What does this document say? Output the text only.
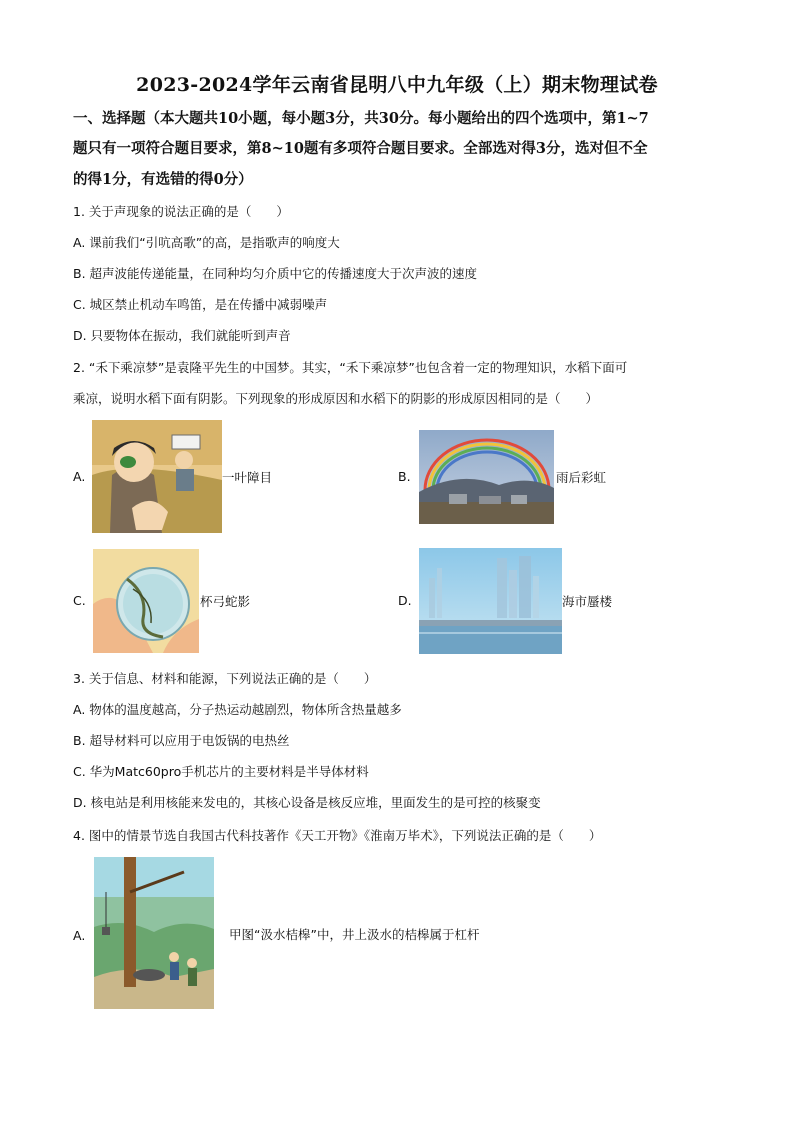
2023-2024学年云南省昆明八中九年级（上）期末物理试卷
一、选择题（本大题共10小题，每小题3分，共30分。每小题给出的四个选项中，第1~7
题只有一项符合题目要求，第8~10题有多项符合题目要求。全部选对得3分，选对但不全
的得1分，有选错的得0分）
1. 关于声现象的说法正确的是（　　）
A. 课前我们“引吭高歌”的高，是指歌声的响度大
B. 超声波能传递能量，在同种均匀介质中它的传播速度大于次声波的速度
C. 城区禁止机动车鸣笛，是在传播中减弱噪声
D. 只要物体在振动，我们就能听到声音
2. “禾下乘凉梦”是袁隆平先生的中国梦。其实，“禾下乘凉梦”也包含着一定的物理知识，水稻下面可
乘凉，说明水稻下面有阴影。下列现象的形成原因和水稻下的阴影的形成原因相同的是（　　）
A.	一叶障目	B.	雨后彩虹
C.	杯弓蛇影	D.	海市蜃楼
3. 关于信息、材料和能源，下列说法正确的是（　　）
A. 物体的温度越高，分子热运动越剧烈，物体所含热量越多
B. 超导材料可以应用于电饭锅的电热丝
C. 华为Matc60pro手机芯片的主要材料是半导体材料
D. 核电站是利用核能来发电的，其核心设备是核反应堆，里面发生的是可控的核聚变
4. 图中的情景节选自我国古代科技著作《天工开物》《淮南万毕术》，下列说法正确的是（　　）
A.	甲图“汲水桔槔”中，井上汲水的桔槔属于杠杆
